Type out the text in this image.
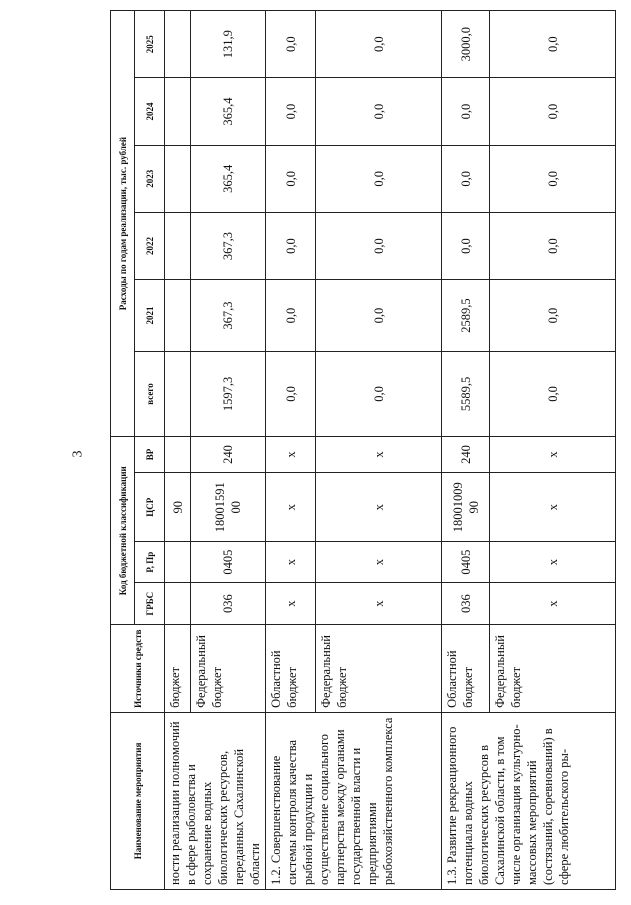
3
Наименование мероприятия	Источники средств	Код бюджетной классификации				Расходы по годам реализации, тыс. рублей					
		ГРБС	Р, Пр	ЦСР	ВР	всего	2021	2022	2023	2024	2025
ности реализации полномочий в сфере рыболовства и сохранение водных биологических ресурсов, переданных Сахалинской области	бюджет			90							
	Федеральный бюджет	036	0405	18001591 00	240	1597,3	367,3	367,3	365,4	365,4	131,9
1.2. Совершенствование системы контроля качества рыбной продукции и осуществление социального партнерства между органами государственной власти и предприятиями рыбохозяйственного комплекса	Областной бюджет	х	х	х	х	0,0	0,0	0,0	0,0	0,0	0,0
	Федеральный бюджет	х	х	х	х	0,0	0,0	0,0	0,0	0,0	0,0
1.3. Развитие рекреационного потенциала водных биологических ресурсов в Сахалинской области, в том числе организация культурно-массовых мероприятий (состязаний, соревнований) в сфере любительского ры-	Областной бюджет	036	0405	18001009 90	240	5589,5	2589,5	0,0	0,0	0,0	3000,0
	Федеральный бюджет	х	х	х	х	0,0	0,0	0,0	0,0	0,0	0,0
